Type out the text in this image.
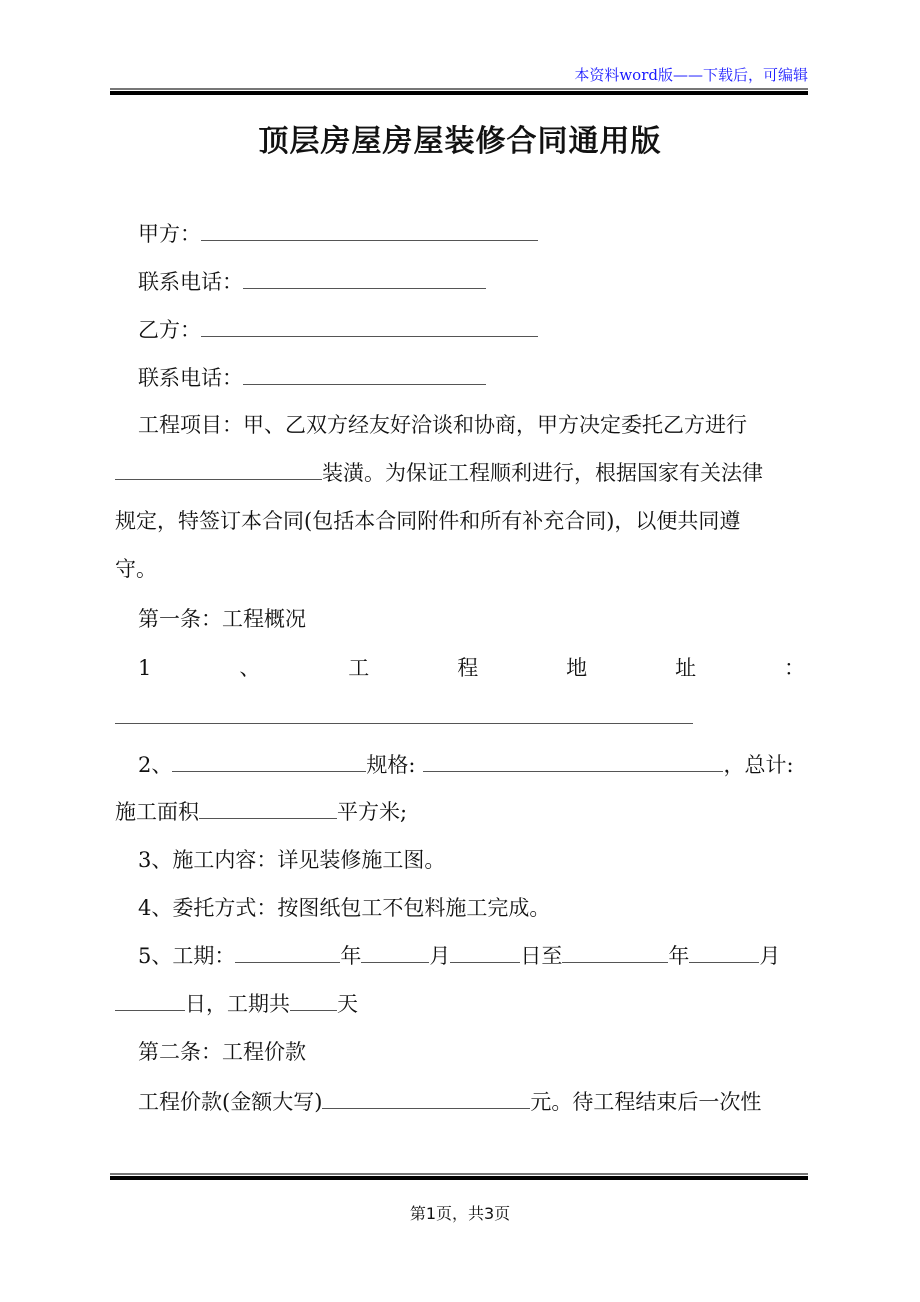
本资料word版——下载后，可编辑
顶层房屋房屋装修合同通用版
甲方：
联系电话：
乙方：
联系电话：
工程项目：甲、乙双方经友好洽谈和协商，甲方决定委托乙方进行
装潢。为保证工程顺利进行，根据国家有关法律
规定，特签订本合同(包括本合同附件和所有补充合同)，以便共同遵
守。
第一条：工程概况
1	、	工	程	地	址	：
2、	规格:	，总计:
施工面积	平方米;
3、施工内容：详见装修施工图。
4、委托方式：按图纸包工不包料施工完成。
5、工期：	年	月	日至	年	月
日，工期共 天
第二条：工程价款
工程价款(金额大写)	元。待工程结束后一次性
第1页，共3页
